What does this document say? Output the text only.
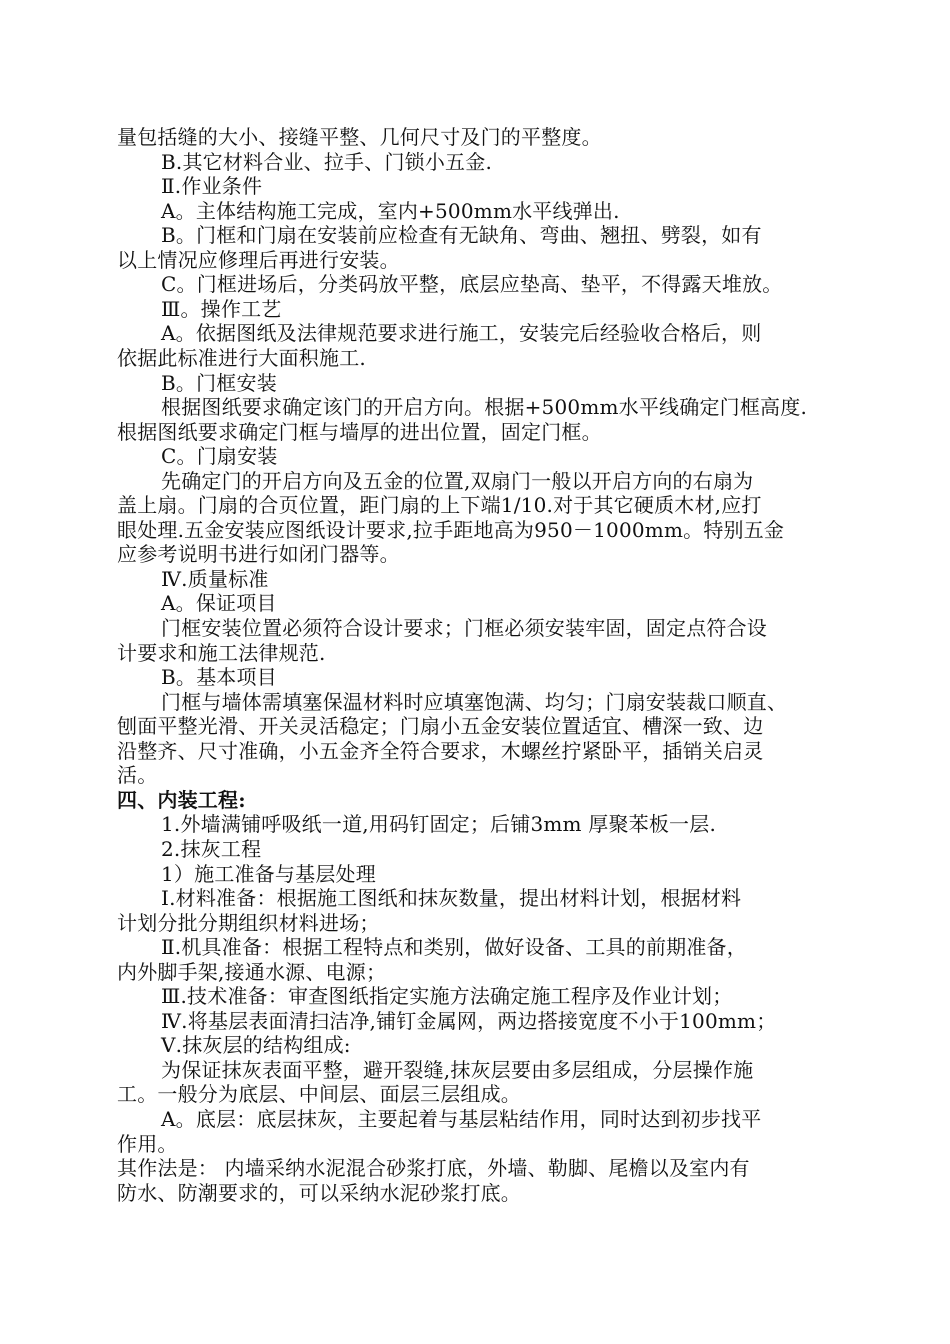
量包括缝的大小、接缝平整、几何尺寸及门的平整度。
B.其它材料合业、拉手、门锁小五金.
Ⅱ.作业条件
A。主体结构施工完成，室内+500mm水平线弹出.
B。门框和门扇在安装前应检查有无缺角、弯曲、翘扭、劈裂，如有
以上情况应修理后再进行安装。
C。门框进场后，分类码放平整，底层应垫高、垫平，不得露天堆放。
Ⅲ。操作工艺
A。依据图纸及法律规范要求进行施工，安装完后经验收合格后，则
依据此标准进行大面积施工.
B。门框安装
根据图纸要求确定该门的开启方向。根据+500mm水平线确定门框高度.
根据图纸要求确定门框与墙厚的进出位置，固定门框。
C。门扇安装
先确定门的开启方向及五金的位置,双扇门一般以开启方向的右扇为
盖上扇。门扇的合页位置，距门扇的上下端1/10.对于其它硬质木材,应打
眼处理.五金安装应图纸设计要求,拉手距地高为950－1000mm。特别五金
应参考说明书进行如闭门器等。
Ⅳ.质量标准
A。保证项目
门框安装位置必须符合设计要求；门框必须安装牢固，固定点符合设
计要求和施工法律规范.
B。基本项目
门框与墙体需填塞保温材料时应填塞饱满、均匀；门扇安装裁口顺直、
刨面平整光滑、开关灵活稳定；门扇小五金安装位置适宜、槽深一致、边
沿整齐、尺寸准确，小五金齐全符合要求，木螺丝拧紧卧平，插销关启灵
活。
四、内装工程:
1.外墙满铺呼吸纸一道,用码钉固定；后铺3mm 厚聚苯板一层.
2.抹灰工程
1）施工准备与基层处理
Ⅰ.材料准备：根据施工图纸和抹灰数量，提出材料计划，根据材料
计划分批分期组织材料进场；
Ⅱ.机具准备：根据工程特点和类别，做好设备、工具的前期准备，
内外脚手架,接通水源、电源；
Ⅲ.技术准备：审查图纸指定实施方法确定施工程序及作业计划；
Ⅳ.将基层表面清扫洁净,铺钉金属网，两边搭接宽度不小于100mm；
Ⅴ.抹灰层的结构组成:
为保证抹灰表面平整，避开裂缝,抹灰层要由多层组成，分层操作施
工。一般分为底层、中间层、面层三层组成。
A。底层：底层抹灰，主要起着与基层粘结作用，同时达到初步找平
作用。
其作法是： 内墙采纳水泥混合砂浆打底，外墙、勒脚、尾檐以及室内有
防水、防潮要求的，可以采纳水泥砂浆打底。
